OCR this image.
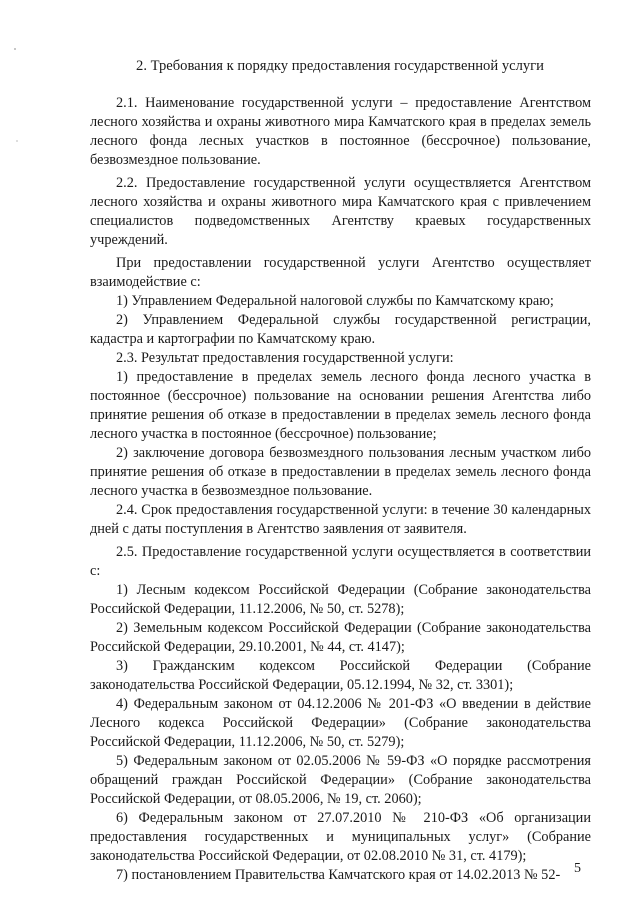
2. Требования к порядку предоставления государственной услуги

2.1. Наименование государственной услуги – предоставление Агентством лесного хозяйства и охраны животного мира Камчатского края в пределах земель лесного фонда лесных участков в постоянное (бессрочное) пользование, безвозмездное пользование.

2.2. Предоставление государственной услуги осуществляется Агентством лесного хозяйства и охраны животного мира Камчатского края с привлечением специалистов подведомственных Агентству краевых государственных учреждений.

При предоставлении государственной услуги Агентство осуществляет взаимодействие с:

1) Управлением Федеральной налоговой службы по Камчатскому краю;

2) Управлением Федеральной службы государственной регистрации, кадастра и картографии по Камчатскому краю.

2.3. Результат предоставления государственной услуги:

1) предоставление в пределах земель лесного фонда лесного участка в постоянное (бессрочное) пользование на основании решения Агентства либо принятие решения об отказе в предоставлении в пределах земель лесного фонда лесного участка в постоянное (бессрочное) пользование;

2) заключение договора безвозмездного пользования лесным участком либо принятие решения об отказе в предоставлении в пределах земель лесного фонда лесного участка в безвозмездное пользование.

2.4. Срок предоставления государственной услуги: в течение 30 календарных дней с даты поступления в Агентство заявления от заявителя.

2.5. Предоставление государственной услуги осуществляется в соответствии с:

1) Лесным кодексом Российской Федерации (Собрание законодательства Российской Федерации, 11.12.2006, № 50, ст. 5278);

2) Земельным кодексом Российской Федерации (Собрание законодательства Российской Федерации, 29.10.2001, № 44, ст. 4147);

3) Гражданским кодексом Российской Федерации (Собрание законодательства Российской Федерации, 05.12.1994, № 32, ст. 3301);

4) Федеральным законом от 04.12.2006 № 201-ФЗ «О введении в действие Лесного кодекса Российской Федерации» (Собрание законодательства Российской Федерации, 11.12.2006, № 50, ст. 5279);

5) Федеральным законом от 02.05.2006 № 59-ФЗ «О порядке рассмотрения обращений граждан Российской Федерации» (Собрание законодательства Российской Федерации, от 08.05.2006, № 19, ст. 2060);

6) Федеральным законом от 27.07.2010 № 210-ФЗ «Об организации предоставления государственных и муниципальных услуг» (Собрание законодательства Российской Федерации, от 02.08.2010 № 31, ст. 4179);

7) постановлением Правительства Камчатского края от 14.02.2013 № 52- 5
